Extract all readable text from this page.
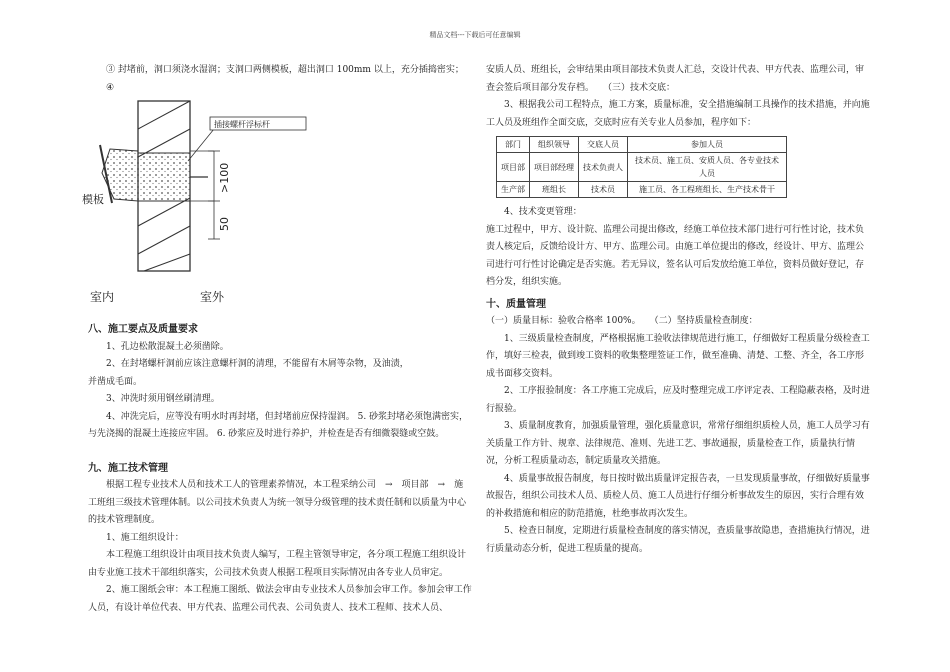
精品文档---下载后可任意编辑

③ 封堵前，洞口须浇水湿润；支洞口两侧模板，超出洞口 100mm 以上，充分插捣密实；

④

插接螺杆浮标杆
模板
>100
50
室内	室外

八、施工要点及质量要求

1、孔边松散混凝土必须凿除。

2、在封堵螺杆洞前应该注意螺杆洞的清理，不能留有木屑等杂物，及油渍，

并凿成毛面。

3、冲洗时须用钢丝刷清理。

4、冲洗完后，应等没有明水时再封堵，但封堵前应保持湿润。 5. 砂浆封堵必须饱满密实，与先浇揭的混凝土连接应牢固。 6. 砂浆应及时进行养护，并检查是否有细微裂缝或空鼓。

九、施工技术管理

根据工程专业技术人员和技术工人的管理素养情况，本工程采纳公司　→　项目部　→　施工班组三级技术管理体制。以公司技术负责人为统一领导分级管理的技术责任制和以质量为中心的技术管理制度。

1、施工组织设计：

本工程施工组织设计由项目技术负责人编写，工程主管领导审定，各分项工程施工组织设计由专业施工技术干部组织落实，公司技术负责人根据工程项目实际情况由各专业人员审定。

2、施工图纸会审：本工程施工图纸、做法会审由专业技术人员参加会审工作。参加会审工作人员，有设计单位代表、甲方代表、监理公司代表、公司负责人、技术工程师、技术人员、

安质人员、班组长，会审结果由项目部技术负责人汇总，交设计代表、甲方代表、监理公司，审查会签后项目部分发存档。　　（三）技术交底：

3、根据我公司工程特点，施工方案，质量标准，安全措施编制工具操作的技术措施，并向施工人员及班组作全面交底，交底时应有关专业人员参加，程序如下：

部门	组织领导	交底人员	参加人员
项目部	项目部经理	技术负责人	技术员、施工员、安质人员、各专业技术人员
生产部	班组长	技术员	施工员、各工程班组长、生产技术骨干

4、技术变更管理：

施工过程中，甲方、设计院、监理公司提出修改，经施工单位技术部门进行可行性讨论，技术负责人核定后，反馈给设计方、甲方、监理公司。由施工单位提出的修改，经设计、甲方、监理公司进行可行性讨论确定是否实施。若无异议，签名认可后发放给施工单位，资料员做好登记，存档分发，组织实施。

十、质量管理

（一）质量目标：验收合格率 100%。　　（二）坚持质量检查制度：

1、三级质量检查制度，严格根据施工验收法律规范进行施工，仔细做好工程质量分级检查工作，填好三检表，做到竣工资料的收集整理签证工作，做至准确、清楚、工整、齐全，各工序形成书面移交资料。

2、工序报验制度：各工序施工完成后，应及时整理完成工序评定表、工程隐蔽表格，及时进行报验。

3、质量制度教育，加强质量管理，强化质量意识，常常仔细组织质检人员，施工人员学习有关质量工作方针、规章、法律规范、准则、先进工艺、事故通报，质量检查工作，质量执行情况，分析工程质量动态，制定质量攻关措施。

4、质量事故报告制度，每日按时做出质量评定报告表，一旦发现质量事故，仔细做好质量事故报告，组织公司技术人员、质检人员、施工人员进行仔细分析事故发生的原因，实行合理有效的补救措施和相应的防范措施，杜绝事故再次发生。

5、检查日制度，定期进行质量检查制度的落实情况，查质量事故隐患，查措施执行情况，进行质量动态分析，促进工程质量的提高。
